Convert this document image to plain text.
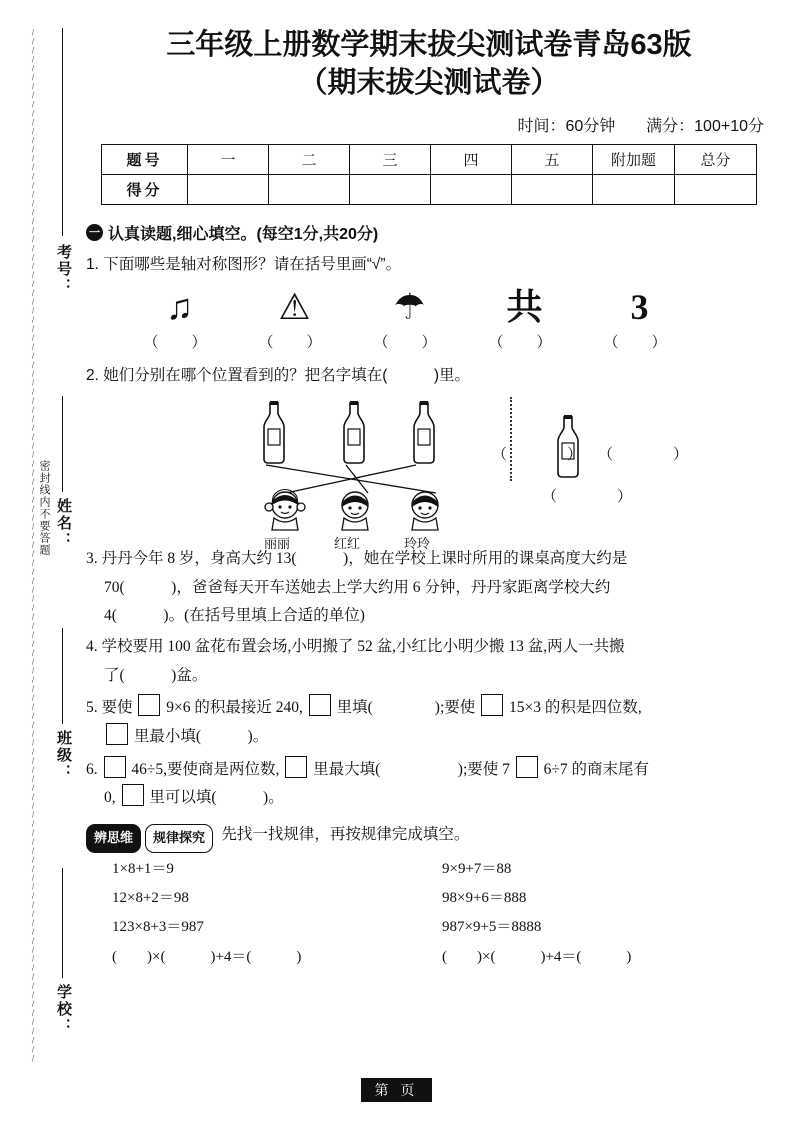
/
/
/
/
/
/
/
/
/
/
/
/
/
/
/
/
/
/
/
/
/
/
/
/
/
/
/
/
/
/
/
/
/
/
/
/
/
/
/
/
/
/
/
/
/
/
/
/
/
/
/
/
/
/
/
/
/
/
/
/
/
/
/
/
/
/
/
/
/
/
/
/
/
/
/
/
/
/
/
/
/
/
/
/
/
/
/
/
/
/
/
/
/
/
/
/
/
/
/
/
/
/
/
/
/
/
/
/
/
/
/
/
/
/
/
考号：
姓名：
班级：
学校：
密封线内不要答题
三年级上册数学期末拔尖测试卷青岛63版
（期末拔尖测试卷）
时间：60分钟 满分：100+10分
题号	一	二	三	四	五	附加题	总分
得分							
一 认真读题,细心填空。(每空1分,共20分)
1. 下面哪些是轴对称图形？请在括号里画“√”。
♫
（　）
⚠
（　）
☂
（　）
共
（　）
3
（　）
2. 她们分别在哪个位置看到的？把名字填在(　　　)里。
丽丽	红红	玲玲
（　　） （　　）
（　　）
3. 丹丹今年 8 岁，身高大约 13(　　　)，她在学校上课时所用的课桌高度大约是
70(　　　)，爸爸每天开车送她去上学大约用 6 分钟，丹丹家距离学校大约
4(　　　)。(在括号里填上合适的单位)
4. 学校要用 100 盆花布置会场,小明搬了 52 盆,小红比小明少搬 13 盆,两人一共搬
了(　　　)盆。
5. 要使 9×6 的积最接近 240, 里填(　　　　);要使 15×3 的积是四位数,
里最小填(　　　)。
6. 46÷5,要使商是两位数, 里最大填(　　　　　);要使 7 6÷7 的商末尾有
0, 里可以填(　　　)。
辨思维	规律探究	先找一找规律，再按规律完成填空。
1×8+1＝9
12×8+2＝98
123×8+3＝987
(　　)×(　　　)+4＝(　　　)
9×9+7＝88
98×9+6＝888
987×9+5＝8888
(　　)×(　　　)+4＝(　　　)
第 页
